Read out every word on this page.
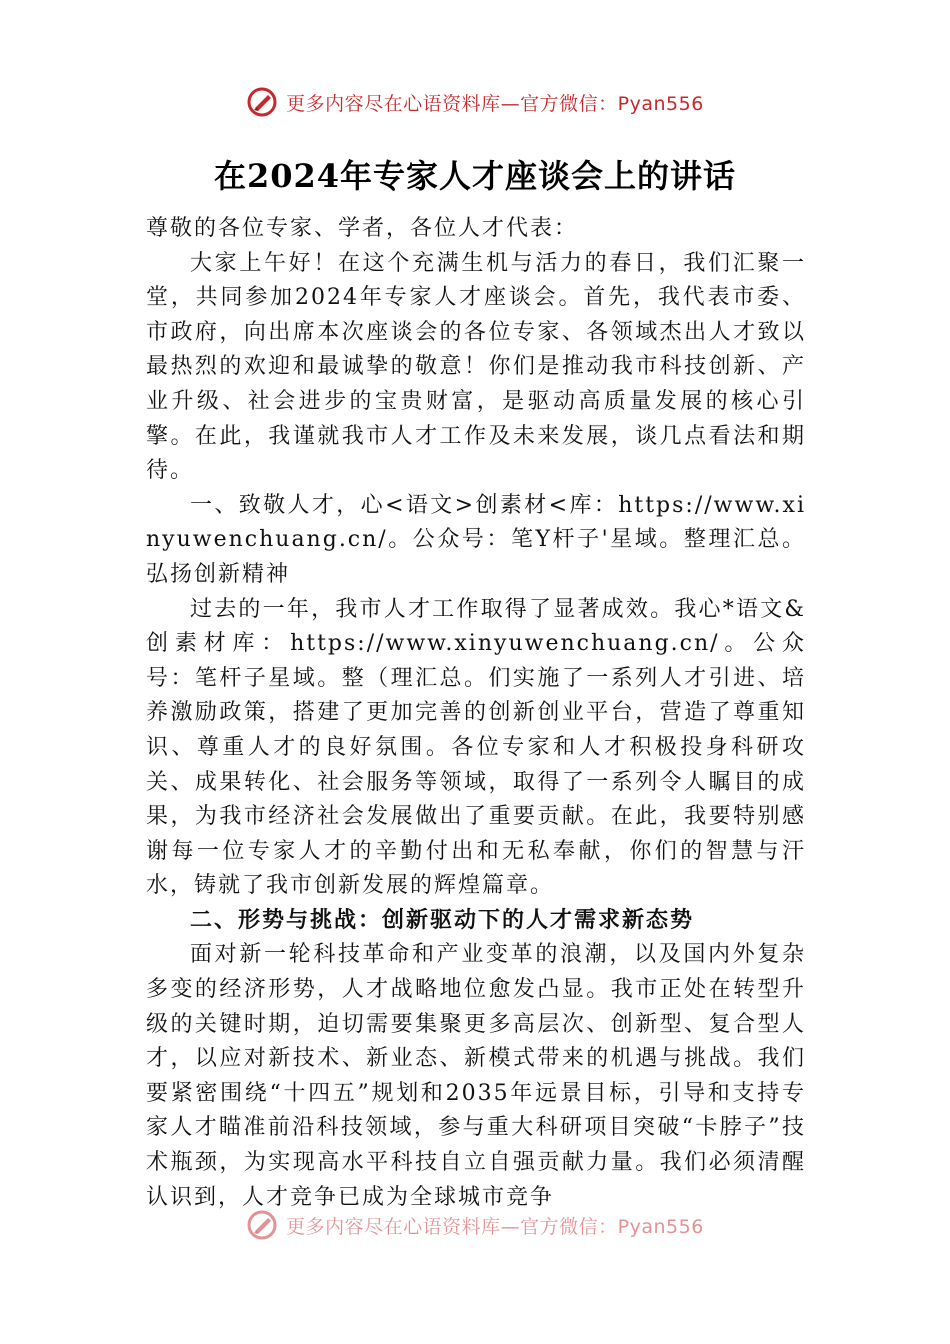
更多内容尽在心语资料库—官方微信：Pyan556
在2024年专家人才座谈会上的讲话

尊敬的各位专家、学者，各位人才代表：

大家上午好！在这个充满生机与活力的春日，我们汇聚一堂，共同参加2024年专家人才座谈会。首先，我代表市委、市政府，向出席本次座谈会的各位专家、各领域杰出人才致以最热烈的欢迎和最诚挚的敬意！你们是推动我市科技创新、产业升级、社会进步的宝贵财富，是驱动高质量发展的核心引擎。在此，我谨就我市人才工作及未来发展，谈几点看法和期待。

一、致敬人才，心<语文>创素材<库：https://www.xinyuwenchuang.cn/。公众号：笔Y杆子'星域。整理汇总。弘扬创新精神

过去的一年，我市人才工作取得了显著成效。我心*语文&创素材库：https://www.xinyuwenchuang.cn/。公众号：笔杆子星域。整（理汇总。们实施了一系列人才引进、培养激励政策，搭建了更加完善的创新创业平台，营造了尊重知识、尊重人才的良好氛围。各位专家和人才积极投身科研攻关、成果转化、社会服务等领域，取得了一系列令人瞩目的成果，为我市经济社会发展做出了重要贡献。在此，我要特别感谢每一位专家人才的辛勤付出和无私奉献，你们的智慧与汗水，铸就了我市创新发展的辉煌篇章。

二、形势与挑战：创新驱动下的人才需求新态势

面对新一轮科技革命和产业变革的浪潮，以及国内外复杂多变的经济形势，人才战略地位愈发凸显。我市正处在转型升级的关键时期，迫切需要集聚更多高层次、创新型、复合型人才，以应对新技术、新业态、新模式带来的机遇与挑战。我们要紧密围绕“十四五”规划和2035年远景目标，引导和支持专家人才瞄准前沿科技领域，参与重大科研项目突破“卡脖子”技术瓶颈，为实现高水平科技自立自强贡献力量。我们必须清醒认识到，人才竞争已成为全球城市竞争

更多内容尽在心语资料库—官方微信：Pyan556
